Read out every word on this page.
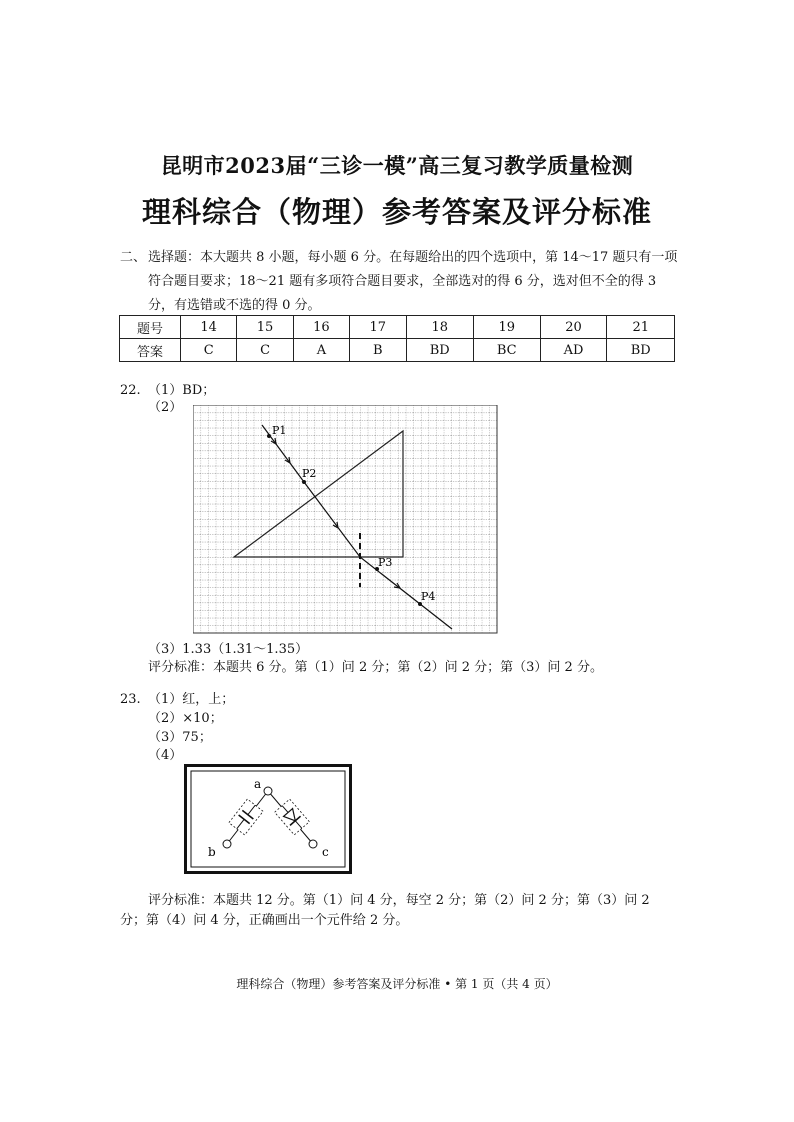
昆明市2023届“三诊一模”高三复习教学质量检测
理科综合（物理）参考答案及评分标准
二、 选择题：本大题共 8 小题，每小题 6 分。在每题给出的四个选项中，第 14～17 题只有一项符合题目要求；18～21 题有多项符合题目要求，全部选对的得 6 分，选对但不全的得 3 分，有选错或不选的得 0 分。
题号	14	15	16	17	18	19	20	21
答案	C	C	A	B	BD	BC	AD	BD
22. （1）BD；
（2）
P1
P2
P3
P4
（3）1.33（1.31～1.35）
评分标准：本题共 6 分。第（1）问 2 分；第（2）问 2 分；第（3）问 2 分。
23. （1）红，上；
（2）×10；
（3）75；
（4）
a
b	c
评分标准：本题共 12 分。第（1）问 4 分，每空 2 分；第（2）问 2 分；第（3）问 2
分；第（4）问 4 分，正确画出一个元件给 2 分。
理科综合（物理）参考答案及评分标准 • 第 1 页（共 4 页）
